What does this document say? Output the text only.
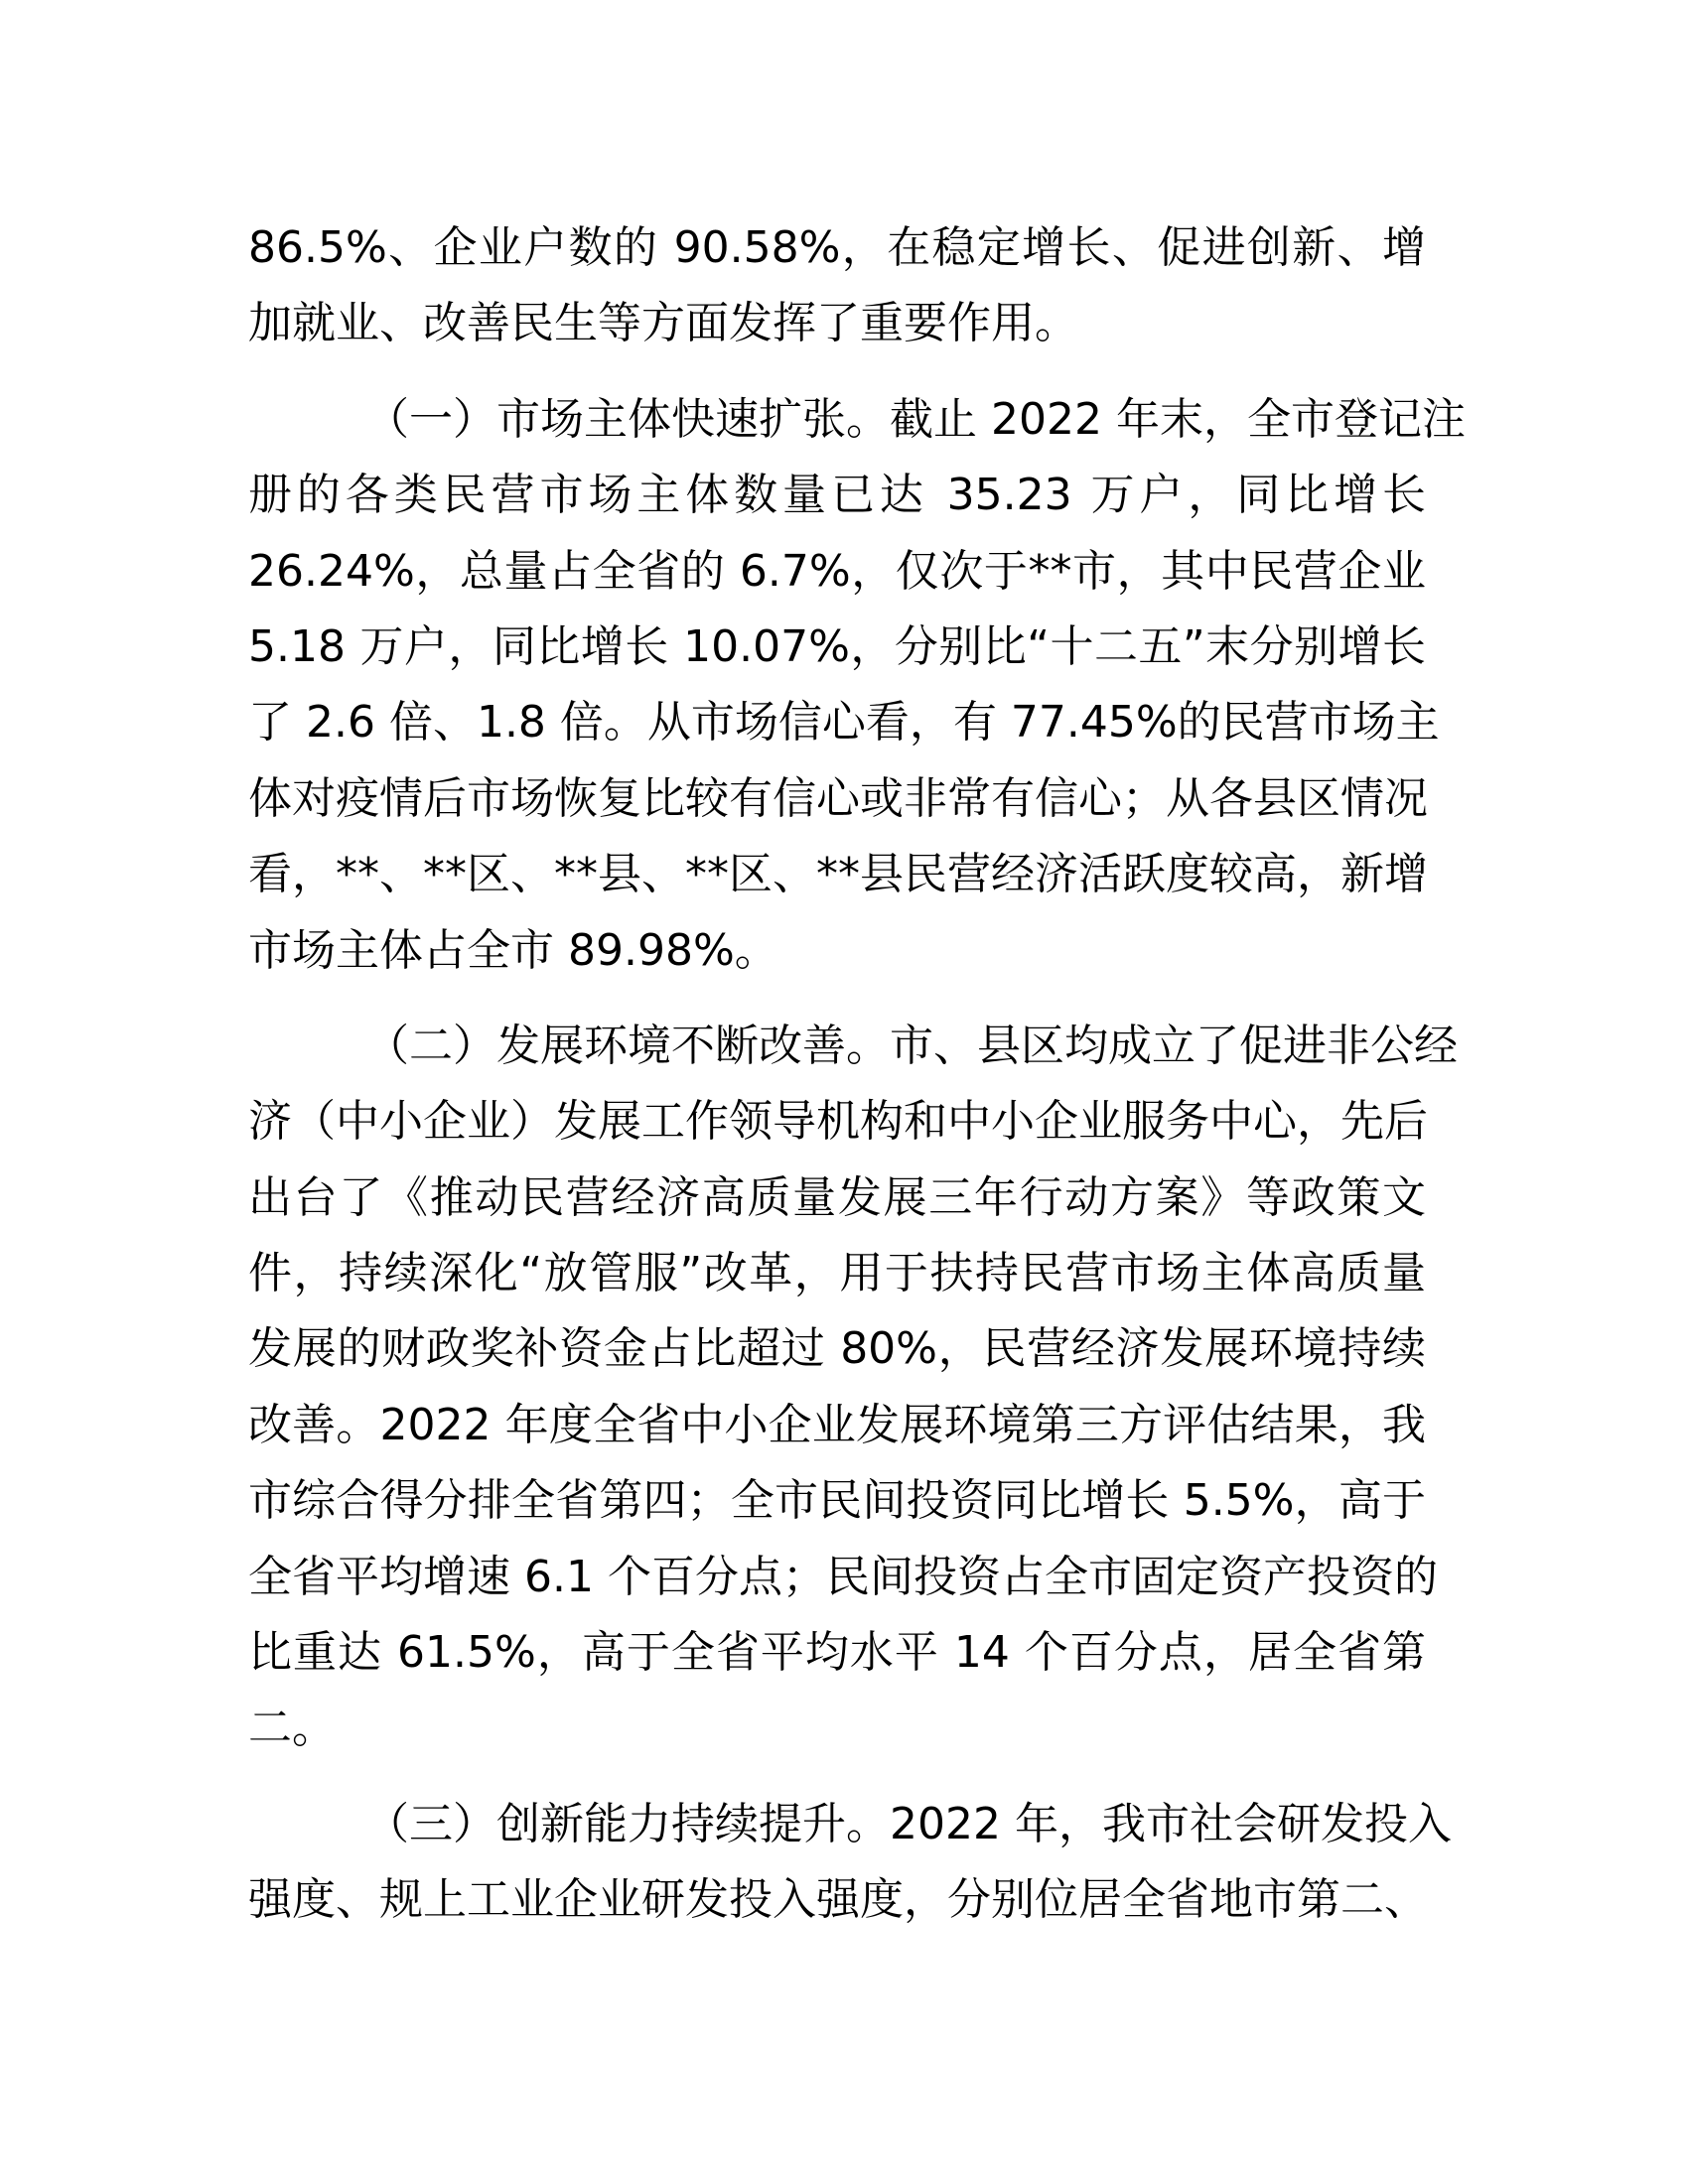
86.5%、企业户数的 90.58%，在稳定增长、促进创新、增
加就业、改善民生等方面发挥了重要作用。
（一）市场主体快速扩张。截止 2022 年末，全市登记注
册的各类民营市场主体数量已达 35.23 万户，同比增长
26.24%，总量占全省的 6.7%，仅次于**市，其中民营企业
5.18 万户，同比增长 10.07%，分别比“十二五”末分别增长
了 2.6 倍、1.8 倍。从市场信心看，有 77.45%的民营市场主
体对疫情后市场恢复比较有信心或非常有信心；从各县区情况
看，**、**区、**县、**区、**县民营经济活跃度较高，新增
市场主体占全市 89.98%。
（二）发展环境不断改善。市、县区均成立了促进非公经
济（中小企业）发展工作领导机构和中小企业服务中心，先后
出台了《推动民营经济高质量发展三年行动方案》等政策文
件，持续深化“放管服”改革，用于扶持民营市场主体高质量
发展的财政奖补资金占比超过 80%，民营经济发展环境持续
改善。2022 年度全省中小企业发展环境第三方评估结果，我
市综合得分排全省第四；全市民间投资同比增长 5.5%，高于
全省平均增速 6.1 个百分点；民间投资占全市固定资产投资的
比重达 61.5%，高于全省平均水平 14 个百分点，居全省第
二。
（三）创新能力持续提升。2022 年，我市社会研发投入
强度、规上工业企业研发投入强度，分别位居全省地市第二、
